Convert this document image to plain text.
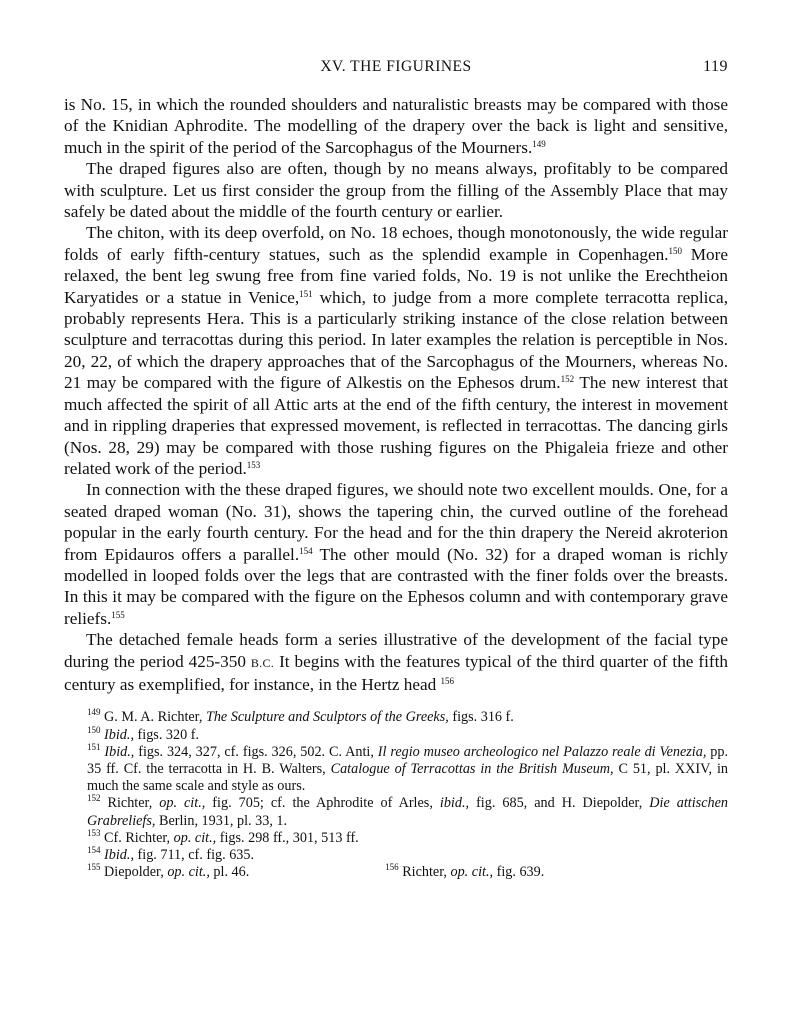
XV. THE FIGURINES	119

is No. 15, in which the rounded shoulders and naturalistic breasts may be compared with those of the Knidian Aphrodite. The modelling of the drapery over the back is light and sensitive, much in the spirit of the period of the Sarcophagus of the Mourners.$^{149}$

The draped figures also are often, though by no means always, profitably to be compared with sculpture. Let us first consider the group from the filling of the Assembly Place that may safely be dated about the middle of the fourth century or earlier.

The chiton, with its deep overfold, on No. 18 echoes, though monotonously, the wide regular folds of early fifth-century statues, such as the splendid example in Copenhagen.$^{150}$ More relaxed, the bent leg swung free from fine varied folds, No. 19 is not unlike the Erechtheion Karyatides or a statue in Venice,$^{151}$ which, to judge from a more complete terracotta replica, probably represents Hera. This is a particularly striking instance of the close relation between sculpture and terracottas during this period. In later examples the relation is perceptible in Nos. 20, 22, of which the drapery approaches that of the Sarcophagus of the Mourners, whereas No. 21 may be compared with the figure of Alkestis on the Ephesos drum.$^{152}$ The new interest that much affected the spirit of all Attic arts at the end of the fifth century, the interest in movement and in rippling draperies that expressed movement, is reflected in terracottas. The dancing girls (Nos. 28, 29) may be compared with those rushing figures on the Phigaleia frieze and other related work of the period.$^{153}$

In connection with the these draped figures, we should note two excellent moulds. One, for a seated draped woman (No. 31), shows the tapering chin, the curved outline of the forehead popular in the early fourth century. For the head and for the thin drapery the Nereid akroterion from Epidauros offers a parallel.$^{154}$ The other mould (No. 32) for a draped woman is richly modelled in looped folds over the legs that are contrasted with the finer folds over the breasts. In this it may be compared with the figure on the Ephesos column and with contemporary grave reliefs.$^{155}$

The detached female heads form a series illustrative of the development of the facial type during the period 425-350 B.C. It begins with the features typical of the third quarter of the fifth century as exemplified, for instance, in the Hertz head $^{156}$

$^{149}$ G. M. A. Richter, The Sculpture and Sculptors of the Greeks, figs. 316 f.
$^{150}$ Ibid., figs. 320 f.
$^{151}$ Ibid., figs. 324, 327, cf. figs. 326, 502. C. Anti, Il regio museo archeologico nel Palazzo reale di Venezia, pp. 35 ff. Cf. the terracotta in H. B. Walters, Catalogue of Terracottas in the British Museum, C 51, pl. XXIV, in much the same scale and style as ours.
$^{152}$ Richter, op. cit., fig. 705; cf. the Aphrodite of Arles, ibid., fig. 685, and H. Diepolder, Die attischen Grabreliefs, Berlin, 1931, pl. 33, 1.
$^{153}$ Cf. Richter, op. cit., figs. 298 ff., 301, 513 ff.
$^{154}$ Ibid., fig. 711, cf. fig. 635.
$^{155}$ Diepolder, op. cit., pl. 46.	$^{156}$ Richter, op. cit., fig. 639.
